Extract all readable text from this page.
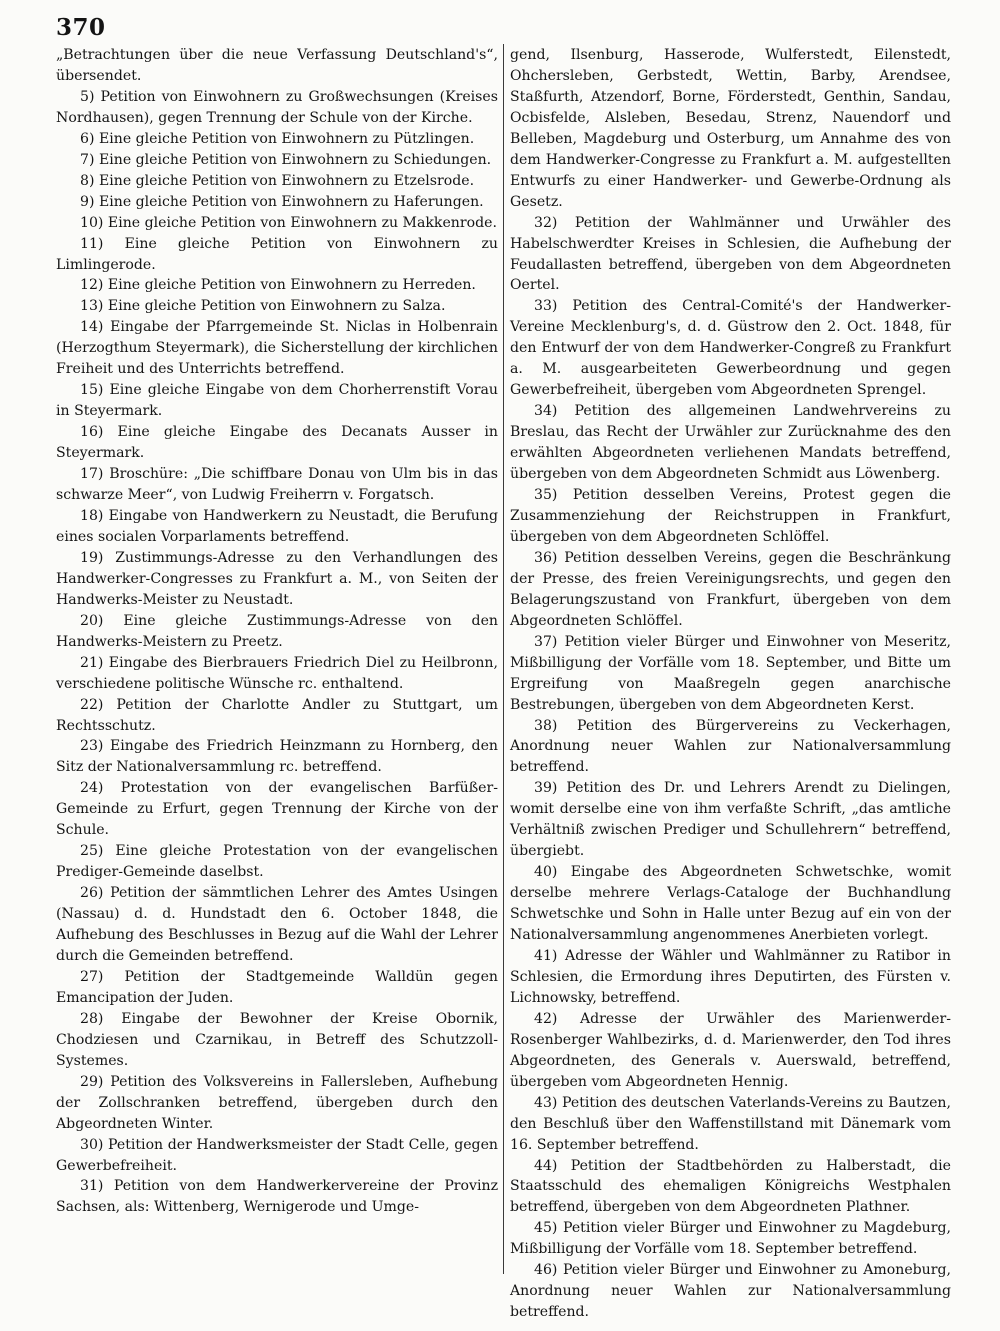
370

„Betrachtungen über die neue Verfassung Deutschland's“, übersendet.

5) Petition von Einwohnern zu Großwechsungen (Kreises Nordhausen), gegen Trennung der Schule von der Kirche.

6) Eine gleiche Petition von Einwohnern zu Pützlingen.

7) Eine gleiche Petition von Einwohnern zu Schiedungen.

8) Eine gleiche Petition von Einwohnern zu Etzelsrode.

9) Eine gleiche Petition von Einwohnern zu Haferungen.

10) Eine gleiche Petition von Einwohnern zu Makkenrode.

11) Eine gleiche Petition von Einwohnern zu Limlingerode.

12) Eine gleiche Petition von Einwohnern zu Herreden.

13) Eine gleiche Petition von Einwohnern zu Salza.

14) Eingabe der Pfarrgemeinde St. Niclas in Holbenrain (Herzogthum Steyermark), die Sicherstellung der kirchlichen Freiheit und des Unterrichts betreffend.

15) Eine gleiche Eingabe von dem Chorherrenstift Vorau in Steyermark.

16) Eine gleiche Eingabe des Decanats Ausser in Steyermark.

17) Broschüre: „Die schiffbare Donau von Ulm bis in das schwarze Meer“, von Ludwig Freiherrn v. Forgatsch.

18) Eingabe von Handwerkern zu Neustadt, die Berufung eines socialen Vorparlaments betreffend.

19) Zustimmungs-Adresse zu den Verhandlungen des Handwerker-Congresses zu Frankfurt a. M., von Seiten der Handwerks-Meister zu Neustadt.

20) Eine gleiche Zustimmungs-Adresse von den Handwerks-Meistern zu Preetz.

21) Eingabe des Bierbrauers Friedrich Diel zu Heilbronn, verschiedene politische Wünsche rc. enthaltend.

22) Petition der Charlotte Andler zu Stuttgart, um Rechtsschutz.

23) Eingabe des Friedrich Heinzmann zu Hornberg, den Sitz der Nationalversammlung rc. betreffend.

24) Protestation von der evangelischen Barfüßer-Gemeinde zu Erfurt, gegen Trennung der Kirche von der Schule.

25) Eine gleiche Protestation von der evangelischen Prediger-Gemeinde daselbst.

26) Petition der sämmtlichen Lehrer des Amtes Usingen (Nassau) d. d. Hundstadt den 6. October 1848, die Aufhebung des Beschlusses in Bezug auf die Wahl der Lehrer durch die Gemeinden betreffend.

27) Petition der Stadtgemeinde Walldün gegen Emancipation der Juden.

28) Eingabe der Bewohner der Kreise Obornik, Chodziesen und Czarnikau, in Betreff des Schutzzoll-Systemes.

29) Petition des Volksvereins in Fallersleben, Aufhebung der Zollschranken betreffend, übergeben durch den Abgeordneten Winter.

30) Petition der Handwerksmeister der Stadt Celle, gegen Gewerbefreiheit.

31) Petition von dem Handwerkervereine der Provinz Sachsen, als: Wittenberg, Wernigerode und Umge-

gend, Ilsenburg, Hasserode, Wulferstedt, Eilenstedt, Ohchersleben, Gerbstedt, Wettin, Barby, Arendsee, Staßfurth, Atzendorf, Borne, Förderstedt, Genthin, Sandau, Ocbisfelde, Alsleben, Besedau, Strenz, Nauendorf und Belleben, Magdeburg und Osterburg, um Annahme des von dem Handwerker-Congresse zu Frankfurt a. M. aufgestellten Entwurfs zu einer Handwerker- und Gewerbe-Ordnung als Gesetz.

32) Petition der Wahlmänner und Urwähler des Habelschwerdter Kreises in Schlesien, die Aufhebung der Feudallasten betreffend, übergeben von dem Abgeordneten Oertel.

33) Petition des Central-Comité's der Handwerker-Vereine Mecklenburg's, d. d. Güstrow den 2. Oct. 1848, für den Entwurf der von dem Handwerker-Congreß zu Frankfurt a. M. ausgearbeiteten Gewerbeordnung und gegen Gewerbefreiheit, übergeben vom Abgeordneten Sprengel.

34) Petition des allgemeinen Landwehrvereins zu Breslau, das Recht der Urwähler zur Zurücknahme des den erwählten Abgeordneten verliehenen Mandats betreffend, übergeben von dem Abgeordneten Schmidt aus Löwenberg.

35) Petition desselben Vereins, Protest gegen die Zusammenziehung der Reichstruppen in Frankfurt, übergeben von dem Abgeordneten Schlöffel.

36) Petition desselben Vereins, gegen die Beschränkung der Presse, des freien Vereinigungsrechts, und gegen den Belagerungszustand von Frankfurt, übergeben von dem Abgeordneten Schlöffel.

37) Petition vieler Bürger und Einwohner von Meseritz, Mißbilligung der Vorfälle vom 18. September, und Bitte um Ergreifung von Maaßregeln gegen anarchische Bestrebungen, übergeben von dem Abgeordneten Kerst.

38) Petition des Bürgervereins zu Veckerhagen, Anordnung neuer Wahlen zur Nationalversammlung betreffend.

39) Petition des Dr. und Lehrers Arendt zu Dielingen, womit derselbe eine von ihm verfaßte Schrift, „das amtliche Verhältniß zwischen Prediger und Schullehrern“ betreffend, übergiebt.

40) Eingabe des Abgeordneten Schwetschke, womit derselbe mehrere Verlags-Cataloge der Buchhandlung Schwetschke und Sohn in Halle unter Bezug auf ein von der Nationalversammlung angenommenes Anerbieten vorlegt.

41) Adresse der Wähler und Wahlmänner zu Ratibor in Schlesien, die Ermordung ihres Deputirten, des Fürsten v. Lichnowsky, betreffend.

42) Adresse der Urwähler des Marienwerder-Rosenberger Wahlbezirks, d. d. Marienwerder, den Tod ihres Abgeordneten, des Generals v. Auerswald, betreffend, übergeben vom Abgeordneten Hennig.

43) Petition des deutschen Vaterlands-Vereins zu Bautzen, den Beschluß über den Waffenstillstand mit Dänemark vom 16. September betreffend.

44) Petition der Stadtbehörden zu Halberstadt, die Staatsschuld des ehemaligen Königreichs Westphalen betreffend, übergeben von dem Abgeordneten Plathner.

45) Petition vieler Bürger und Einwohner zu Magdeburg, Mißbilligung der Vorfälle vom 18. September betreffend.

46) Petition vieler Bürger und Einwohner zu Amoneburg, Anordnung neuer Wahlen zur Nationalversammlung betreffend.
